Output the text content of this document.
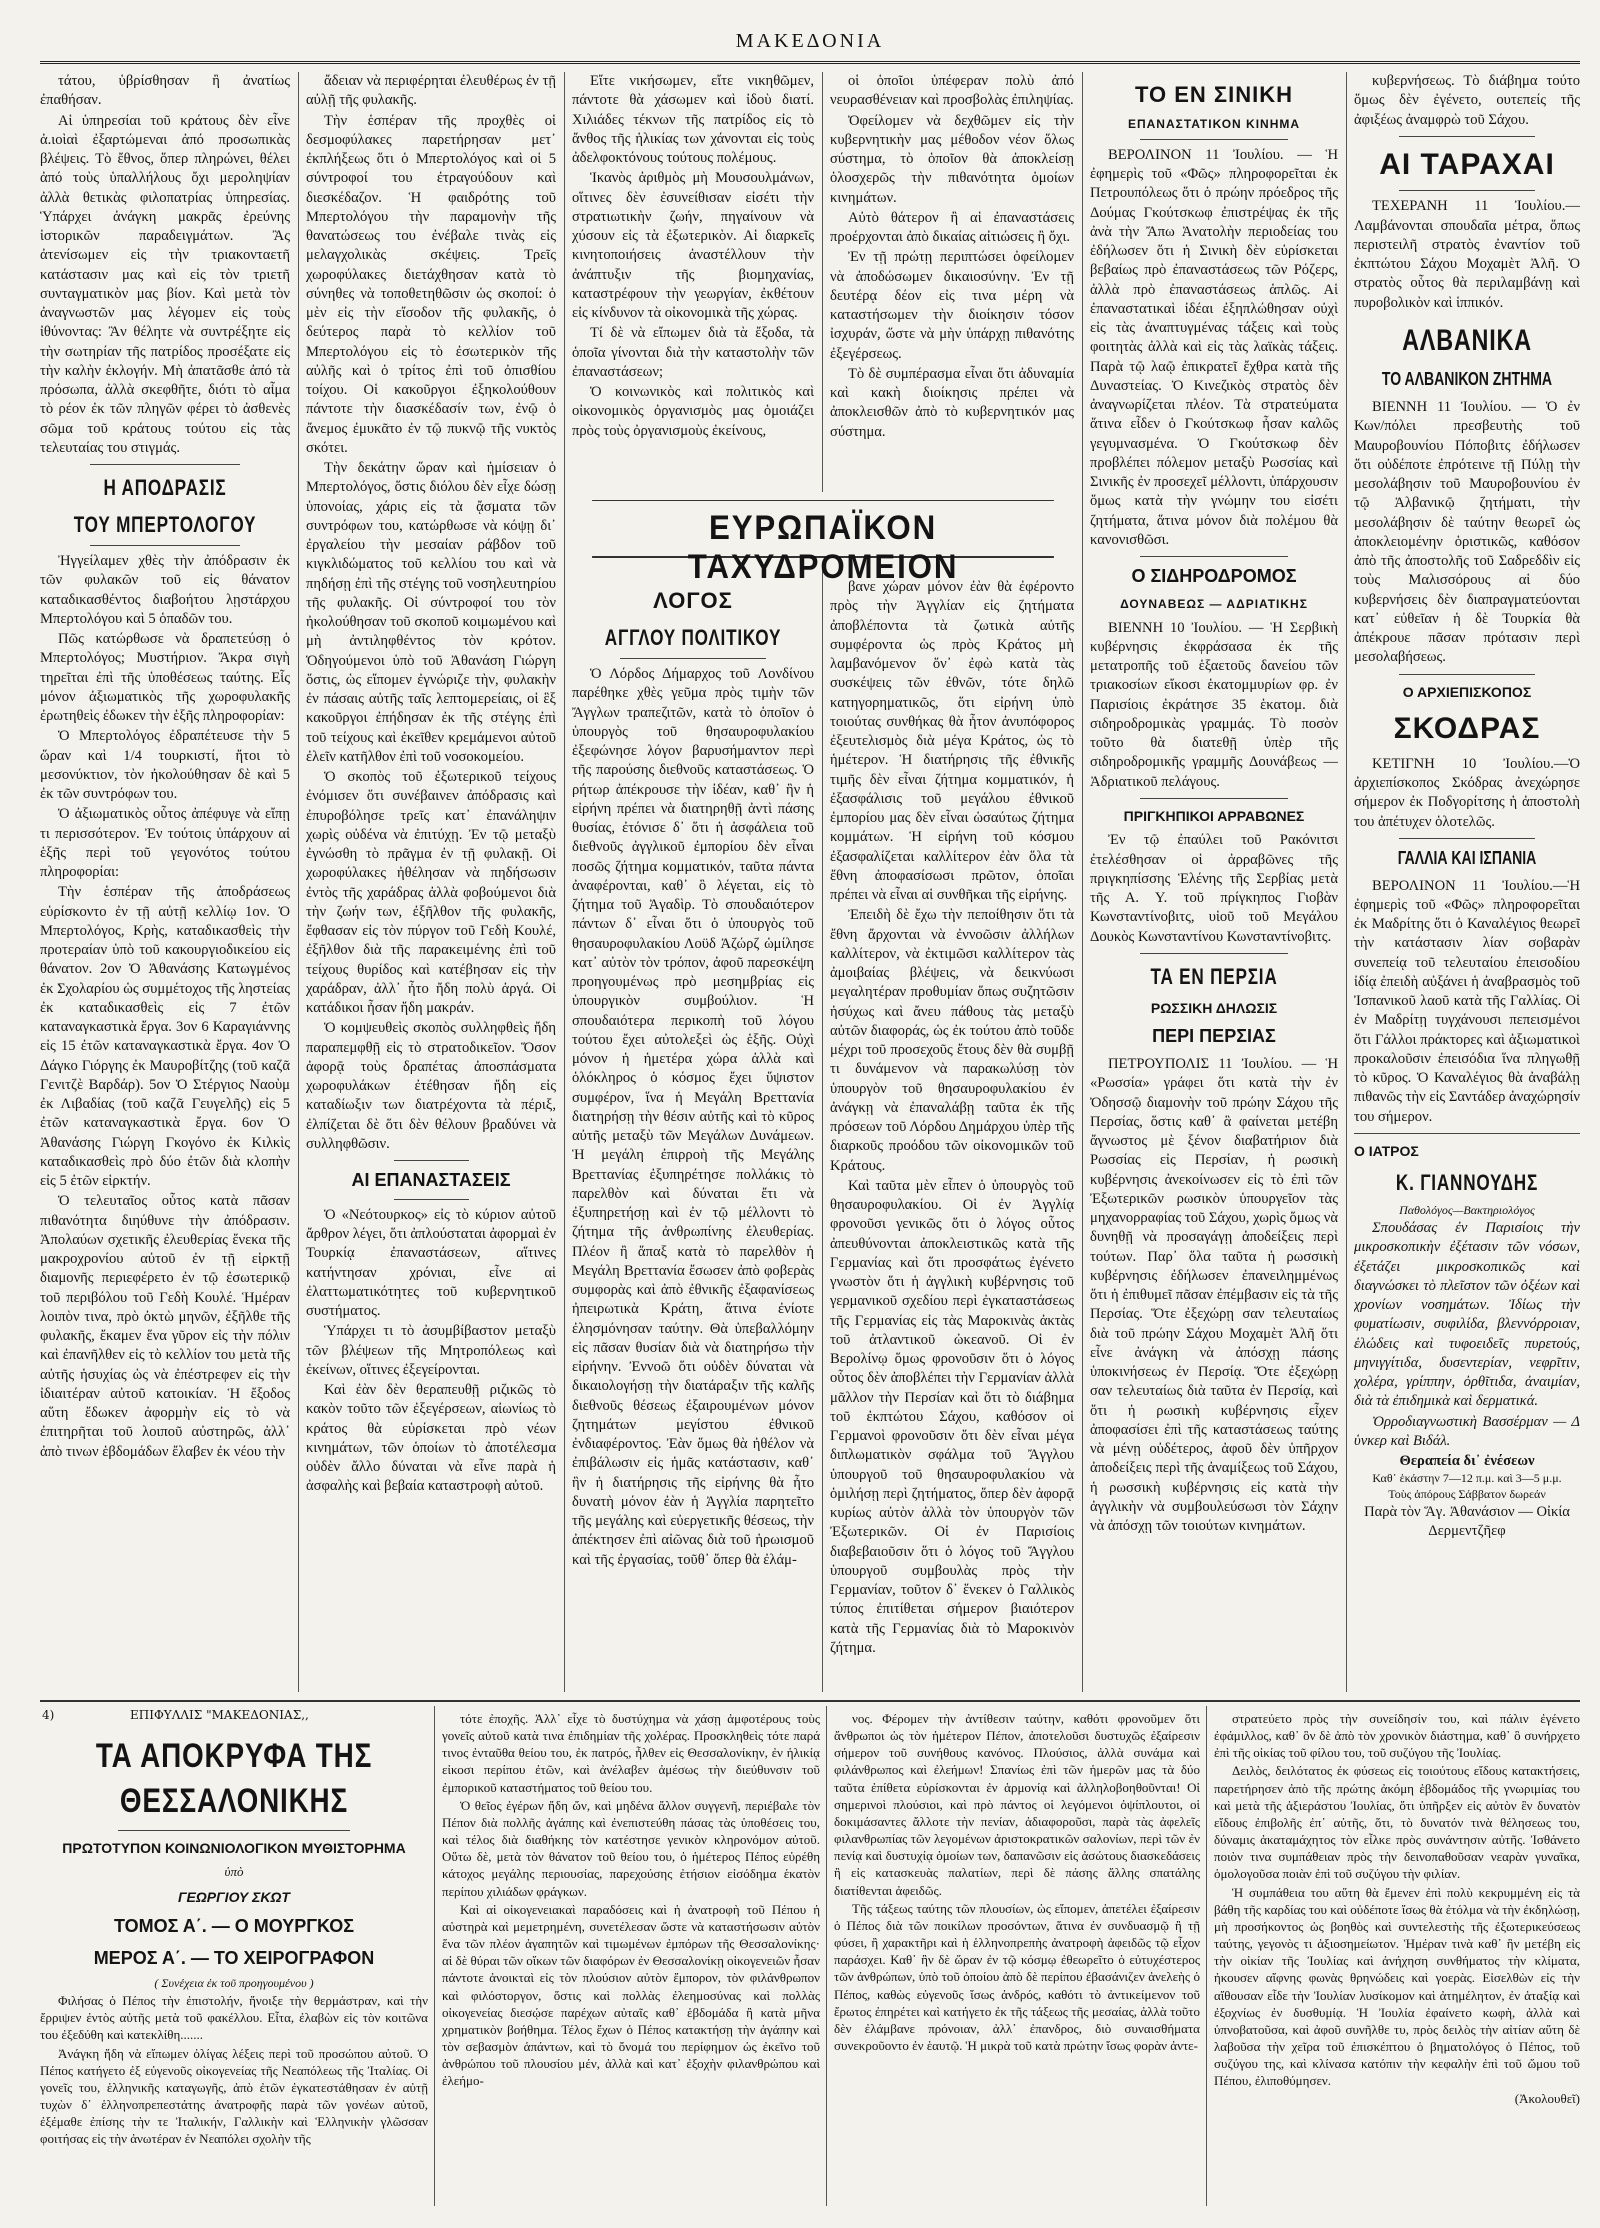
ΜΑΚΕΔΟΝΙΑ

τάτου, ὑβρίσθησαν ἢ ἀνατίως ἐπαθήσαν.

Αἱ ὑπηρεσίαι τοῦ κράτους δὲν εἶνε ἀ.ιοὶαὶ ἐξαρτώμεναι ἀπό προσωπικὰς βλέψεις. Τὸ ἔθνος, ὅπερ πληρώνει, θέλει ἀπό τοὺς ὑπαλλήλους ὄχι μεροληψίαν ἀλλὰ θετικὰς φιλοπατρίας ὑπηρεσίας. Ὑπάρχει ἀνάγκη μακρᾶς ἐρεύνης ἱστορικῶν παραδειγμάτων. Ἂς ἀτενίσωμεν εἰς τὴν τριακονταετῆ κατάστασιν μας καὶ εἰς τὸν τριετῆ συνταγματικὸν μας βίον. Καὶ μετὰ τὸν ἀναγνωστῶν μας λέγομεν εἰς τοὺς ἰθύνοντας: Ἂν θέλητε νὰ συντρέξητε εἰς τὴν σωτηρίαν τῆς πατρίδος προσέξατε εἰς τὴν καλὴν ἐκλογήν. Μὴ ἀπατᾶσθε ἀπό τὰ πρόσωπα, ἀλλὰ σκεφθῆτε, διότι τὸ αἷμα τὸ ρέον ἐκ τῶν πληγῶν φέρει τὸ ἀσθενὲς σῶμα τοῦ κράτους τούτου εἰς τὰς τελευταίας του στιγμάς.

Η ΑΠΟΔΡΑΣΙΣ
ΤΟΥ ΜΠΕΡΤΟΛΟΓΟΥ

Ἠγγείλαμεν χθὲς τὴν ἀπόδρασιν ἐκ τῶν φυλακῶν τοῦ εἰς θάνατον καταδικασθέντος διαβοήτου λῃστάρχου Μπερτολόγου καὶ 5 ὁπαδῶν του.

Πῶς κατώρθωσε νὰ δραπετεύσῃ ὁ Μπερτολόγος; Μυστήριον. Ἄκρα σιγὴ τηρεῖται ἐπὶ τῆς ὑποθέσεως ταύτης. Εἷς μόνον ἀξιωματικὸς τῆς χωροφυλακῆς ἐρωτηθεὶς ἐδωκεν τὴν ἑξῆς πληροφορίαν:

Ὁ Μπερτολόγος ἐδραπέτευσε τὴν 5 ὥραν καὶ 1/4 τουρκιστί, ἤτοι τὸ μεσονύκτιον, τὸν ἠκολούθησαν δὲ καὶ 5 ἐκ τῶν συντρόφων του.

Ὁ ἀξιωματικὸς οὗτος ἀπέφυγε νὰ εἴπῃ τι περισσότερον. Ἐν τούτοις ὑπάρχουν αἱ ἑξῆς περὶ τοῦ γεγονότος τούτου πληροφορίαι:

Τὴν ἑσπέραν τῆς ἀποδράσεως εὑρίσκοντο ἐν τῇ αὐτῇ κελλίῳ 1ον. Ὁ Μπερτολόγος, Κρὴς, καταδικασθεὶς τὴν προτεραίαν ὑπὸ τοῦ κακουργιοδικείου εἰς θάνατον. 2ον Ὁ Ἀθανάσης Κατωγμένος ἐκ Σχολαρίου ὡς συμμέτοχος τῆς ληστείας ἐκ καταδικασθεὶς εἰς 7 ἐτῶν καταναγκαστικὰ ἔργα. 3ον 6 Καραγιάννης εἰς 15 ἐτῶν καταναγκαστικὰ ἔργα. 4ον Ὁ Δάγκο Γιόργης ἐκ Μαυροβίτζης (τοῦ καζᾶ Γενιτζὲ Βαρδάρ). 5ον Ὁ Στέργιος Ναοὺμ ἐκ Λιβαδίας (τοῦ καζᾶ Γευγελῆς) εἰς 5 ἐτῶν καταναγκαστικὰ ἔργα. 6ον Ὁ Ἀθανάσης Γιώργη Γκογόνο ἐκ Κιλκὶς καταδικασθεὶς πρὸ δύο ἐτῶν διὰ κλοπὴν εἰς 5 ἐτῶν εἱρκτήν.

Ὁ τελευταῖος οὗτος κατὰ πᾶσαν πιθανότητα διηύθυνε τὴν ἀπόδρασιν. Ἀπολαύων σχετικῆς ἐλευθερίας ἕνεκα τῆς μακροχρονίου αὐτοῦ ἐν τῇ εἱρκτῇ διαμονῆς περιεφέρετο ἐν τῷ ἐσωτερικῷ τοῦ περιβόλου τοῦ Γεδὴ Κουλέ. Ἡμέραν λοιπὸν τινα, πρὸ ὀκτὼ μηνῶν, ἐξῆλθε τῆς φυλακῆς, ἔκαμεν ἕνα γῦρον εἰς τὴν πόλιν καὶ ἐπανῆλθεν εἰς τὸ κελλίον του μετὰ τῆς αὐτῆς ἡσυχίας ὡς νὰ ἐπέστρεφεν εἰς τὴν ἰδιαιτέραν αὐτοῦ κατοικίαν. Ἡ ἔξοδος αὕτη ἔδωκεν ἀφορμὴν εἰς τὸ νὰ ἐπιτηρῆται τοῦ λοιποῦ αὐστηρῶς, ἀλλ᾽ ἀπὸ τινων ἑβδομάδων ἔλαβεν ἐκ νέου τὴν

ἄδειαν νὰ περιφέρηται ἐλευθέρως ἐν τῇ αὐλῇ τῆς φυλακῆς.

Τὴν ἑσπέραν τῆς προχθὲς οἱ δεσμοφύλακες παρετήρησαν μετ᾽ ἐκπλήξεως ὅτι ὁ Μπερτολόγος καὶ οἱ 5 σύντροφοί του ἐτραγούδουν καὶ διεσκέδαζον. Ἡ φαιδρότης τοῦ Μπερτολόγου τὴν παραμονὴν τῆς θανατώσεως του ἐνέβαλε τινὰς εἰς μελαγχολικὰς σκέψεις. Τρεῖς χωροφύλακες διετάχθησαν κατὰ τὸ σύνηθες νὰ τοποθετηθῶσιν ὡς σκοποί: ὁ μὲν εἰς τὴν εἴσοδον τῆς φυλακῆς, ὁ δεύτερος παρὰ τὸ κελλίον τοῦ Μπερτολόγου εἰς τὸ ἐσωτερικὸν τῆς αὐλῆς καὶ ὁ τρίτος ἐπὶ τοῦ ὀπισθίου τοίχου. Οἱ κακοῦργοι ἐξηκολούθουν πάντοτε τὴν διασκέδασίν των, ἐνῷ ὁ ἄνεμος ἐμυκᾶτο ἐν τῷ πυκνῷ τῆς νυκτὸς σκότει.

Τὴν δεκάτην ὥραν καὶ ἡμίσειαν ὁ Μπερτολόγος, ὅστις διόλου δὲν εἶχε δώσῃ ὑπονοίας, χάρις εἰς τὰ ᾄσματα τῶν συντρόφων του, κατώρθωσε νὰ κόψῃ δι᾽ ἐργαλείου τὴν μεσαίαν ράβδον τοῦ κιγκλιδώματος τοῦ κελλίου του καὶ νὰ πηδήσῃ ἐπὶ τῆς στέγης τοῦ νοσηλευτηρίου τῆς φυλακῆς. Οἱ σύντροφοί του τὸν ἠκολούθησαν τοῦ σκοποῦ κοιμωμένου καὶ μὴ ἀντιληφθέντος τὸν κρότον. Ὁδηγούμενοι ὑπὸ τοῦ Ἀθανάση Γιώργη ὅστις, ὡς εἴπομεν ἐγνώριζε τὴν, φυλακὴν ἐν πάσαις αὐτῆς ταῖς λεπτομερείαις, οἱ ἓξ κακοῦργοι ἐπήδησαν ἐκ τῆς στέγης ἐπὶ τοῦ τείχους καὶ ἐκεῖθεν κρεμάμενοι αὐτοῦ ἐλεῖν κατῆλθον ἐπὶ τοῦ νοσοκομείου.

Ὁ σκοπὸς τοῦ ἐξωτερικοῦ τείχους ἐνόμισεν ὅτι συνέβαινεν ἀπόδρασις καὶ ἐπυροβόλησε τρεῖς κατ᾽ ἐπανάληψιν χωρὶς οὐδένα νὰ ἐπιτύχῃ. Ἐν τῷ μεταξὺ ἐγνώσθη τὸ πρᾶγμα ἐν τῇ φυλακῇ. Οἱ χωροφύλακες ἠθέλησαν νὰ πηδήσωσιν ἐντὸς τῆς χαράδρας ἀλλὰ φοβούμενοι διὰ τὴν ζωήν των, ἐξῆλθον τῆς φυλακῆς, ἔφθασαν εἰς τὸν πύργον τοῦ Γεδὴ Κουλέ, ἐξῆλθον διὰ τῆς παρακειμένης ἐπὶ τοῦ τείχους θυρίδος καὶ κατέβησαν εἰς τὴν χαράδραν, ἀλλ᾽ ἦτο ἤδη πολὺ ἀργά. Οἱ κατάδικοι ἦσαν ἤδη μακράν.

Ὁ κομψευθεὶς σκοπὸς συλληφθεὶς ἤδη παραπεμφθῇ εἰς τὸ στρατοδικεῖον. Ὅσον ἀφορᾷ τοὺς δραπέτας ἀποσπάσματα χωροφυλάκων ἐτέθησαν ἤδη εἰς καταδίωξιν των διατρέχοντα τὰ πέριξ, ἐλπίζεται δὲ ὅτι δὲν θέλουν βραδύνει νὰ συλληφθῶσιν.

ΑΙ ΕΠΑΝΑΣΤΑΣΕΙΣ

Ὁ «Νεότουρκος» εἰς τὸ κύριον αὐτοῦ ἄρθρον λέγει, ὅτι ἀπλούσταται ἀφορμαὶ ἐν Τουρκίᾳ ἐπαναστάσεων, αἵτινες κατήντησαν χρόνιαι, εἶνε αἱ ἐλαττωματικότητες τοῦ κυβερνητικοῦ συστήματος.

Ὑπάρχει τι τὸ ἀσυμβίβαστον μεταξὺ τῶν βλέψεων τῆς Μητροπόλεως καὶ ἐκείνων, οἵτινες ἐξεγείρονται.

Καὶ ἐὰν δὲν θεραπευθῇ ριζικῶς τὸ κακὸν τοῦτο τῶν ἐξεγέρσεων, αἰωνίως τὸ κράτος θὰ εὑρίσκεται πρὸ νέων κινημάτων, τῶν ὁποίων τὸ ἀποτέλεσμα οὐδὲν ἄλλο δύναται νὰ εἶνε παρὰ ἡ ἀσφαλὴς καὶ βεβαία καταστροφὴ αὐτοῦ.

Εἴτε νικήσωμεν, εἴτε νικηθῶμεν, πάντοτε θὰ χάσωμεν καὶ ἰδοὺ διατί. Χιλιάδες τέκνων τῆς πατρίδος εἰς τὸ ἄνθος τῆς ἡλικίας των χάνονται εἰς τοὺς ἀδελφοκτόνους τούτους πολέμους.

Ἱκανὸς ἀριθμὸς μὴ Μουσουλμάνων, οἵτινες δὲν ἐσυνείθισαν εἰσέτι τὴν στρατιωτικὴν ζωήν, πηγαίνουν νὰ χύσουν εἰς τὰ ἐξωτερικὸν. Αἱ διαρκεῖς κινητοποιήσεις ἀναστέλλουν τὴν ἀνάπτυξιν τῆς βιομηχανίας, καταστρέφουν τὴν γεωργίαν, ἐκθέτουν εἰς κίνδυνον τὰ οἰκονομικὰ τῆς χώρας.

Τί δὲ νὰ εἴπωμεν διὰ τὰ ἔξοδα, τὰ ὁποῖα γίνονται διὰ τὴν καταστολὴν τῶν ἐπαναστάσεων;

Ὁ κοινωνικὸς καὶ πολιτικὸς καὶ οἰκονομικὸς ὀργανισμὸς μας ὁμοιάζει πρὸς τοὺς ὀργανισμοὺς ἐκείνους,

οἱ ὁποῖοι ὑπέφεραν πολὺ ἀπό νευρασθένειαν καὶ προσβολὰς ἐπιληψίας.

Ὀφείλομεν νὰ δεχθῶμεν εἰς τὴν κυβερνητικὴν μας μέθοδον νέον ὅλως σύστημα, τὸ ὁποῖον θὰ ἀποκλείσῃ ὁλοσχερῶς τὴν πιθανότητα ὁμοίων κινημάτων.

Αὐτὸ θάτερον ἢ αἱ ἐπαναστάσεις προέρχονται ἀπὸ δικαίας αἰτιώσεις ἢ ὄχι.

Ἐν τῇ πρώτῃ περιπτώσει ὀφείλομεν νὰ ἀποδώσωμεν δικαιοσύνην. Ἐν τῇ δευτέρᾳ δέον εἰς τινα μέρη νὰ καταστήσωμεν τὴν διοίκησιν τόσον ἰσχυράν, ὥστε νὰ μὴν ὑπάρχῃ πιθανότης ἐξεγέρσεως.

Τὸ δὲ συμπέρασμα εἶναι ὅτι ἀδυναμία καὶ κακὴ διοίκησις πρέπει νὰ ἀποκλεισθῶν ἀπὸ τὸ κυβερνητικόν μας σύστημα.

ΕΥΡΩΠΑΪΚΟΝ ΤΑΧΥΔΡΟΜΕΙΟΝ
ΛΟΓΟΣ
ΑΓΓΛΟΥ ΠΟΛΙΤΙΚΟΥ

Ὁ Λόρδος Δήμαρχος τοῦ Λονδίνου παρέθηκε χθὲς γεῦμα πρὸς τιμὴν τῶν Ἄγγλων τραπεζιτῶν, κατὰ τὸ ὁποῖον ὁ ὑπουργὸς τοῦ θησαυροφυλακίου ἐξεφώνησε λόγον βαρυσήμαντον περὶ τῆς παρούσης διεθνοῦς καταστάσεως. Ὁ ρήτωρ ἀπέκρουσε τὴν ἰδέαν, καθ᾽ ἣν ἡ εἰρήνη πρέπει νὰ διατηρηθῇ ἀντὶ πάσης θυσίας, ἐτόνισε δ᾽ ὅτι ἡ ἀσφάλεια τοῦ διεθνοῦς ἀγγλικοῦ ἐμπορίου δὲν εἶναι ποσῶς ζήτημα κομματικόν, ταῦτα πάντα ἀναφέρονται, καθ᾽ ὃ λέγεται, εἰς τὸ ζήτημα τοῦ Ἀγαδὶρ. Τὸ σπουδαιότερον πάντων δ᾽ εἶναι ὅτι ὁ ὑπουργὸς τοῦ θησαυροφυλακίου Λοϋδ Ἀζώρζ ὡμίλησε κατ᾽ αὐτὸν τὸν τρόπον, ἀφοῦ παρεσκέψη προηγουμένως πρὸ μεσημβρίας εἰς ὑπουργικὸν συμβούλιον. Ἡ σπουδαιότερα περικοπὴ τοῦ λόγου τούτου ἔχει αὐτολεξεὶ ὡς ἑξῆς. Οὐχὶ μόνον ἡ ἡμετέρα χώρα ἀλλὰ καὶ ὁλόκληρος ὁ κόσμος ἔχει ὕψιστον συμφέρον, ἵνα ἡ Μεγάλη Βρεττανία διατηρήσῃ τὴν θέσιν αὐτῆς καὶ τὸ κῦρος αὐτῆς μεταξὺ τῶν Μεγάλων Δυνάμεων. Ἡ μεγάλη ἐπιρροὴ τῆς Μεγάλης Βρεττανίας ἐξυπηρέτησε πολλάκις τὸ παρελθὸν καὶ δύναται ἔτι νὰ ἐξυπηρετήσῃ καὶ ἐν τῷ μέλλοντι τὸ ζήτημα τῆς ἀνθρωπίνης ἐλευθερίας. Πλέον ἢ ἅπαξ κατὰ τὸ παρελθὸν ἡ Μεγάλη Βρεττανία ἔσωσεν ἀπὸ φοβερὰς συμφορὰς καὶ ἀπὸ ἐθνικῆς ἐξαφανίσεως ἠπειρωτικὰ Κράτη, ἅτινα ἐνίοτε ἐλησμόνησαν ταύτην. Θὰ ὑπεβαλλόμην εἰς πᾶσαν θυσίαν διὰ νὰ διατηρήσω τὴν εἰρήνην. Ἐννοῶ ὅτι οὐδὲν δύναται νὰ δικαιολογήσῃ τὴν διατάραξιν τῆς καλῆς διεθνοῦς θέσεως ἐξαιρουμένων μόνον ζητημάτων μεγίστου ἐθνικοῦ ἐνδιαφέροντος. Ἐὰν ὅμως θὰ ἠθέλον νὰ ἐπιβάλωσιν εἰς ἡμᾶς κατάστασιν, καθ᾽ ἣν ἡ διατήρησις τῆς εἰρήνης θὰ ἦτο δυνατὴ μόνον ἐὰν ἡ Ἀγγλία παρητεῖτο τῆς μεγάλης καὶ εὐεργετικῆς θέσεως, τὴν ἀπέκτησεν ἐπὶ αἰῶνας διὰ τοῦ ἡρωισμοῦ καὶ τῆς ἐργασίας, τοῦθ᾽ ὅπερ θὰ ἐλάμ-

βανε χώραν μόνον ἐὰν θὰ ἐφέροντο πρὸς τὴν Ἀγγλίαν εἰς ζητήματα ἀποβλέποντα τὰ ζωτικὰ αὐτῆς συμφέροντα ὡς πρὸς Κράτος μὴ λαμβανόμενον ὅν᾽ ἐφὼ κατὰ τὰς συσκέψεις τῶν ἐθνῶν, τότε δηλῶ κατηγορηματικῶς, ὅτι εἰρήνη ὑπὸ τοιούτας συνθήκας θὰ ἦτον ἀνυπόφορος ἐξευτελισμὸς διὰ μέγα Κράτος, ὡς τὸ ἡμέτερον. Ἡ διατήρησις τῆς ἐθνικῆς τιμῆς δὲν εἶναι ζήτημα κομματικόν, ἡ ἐξασφάλισις τοῦ μεγάλου ἐθνικοῦ ἐμπορίου μας δὲν εἶναι ὡσαύτως ζήτημα κομμάτων. Ἡ εἰρήνη τοῦ κόσμου ἐξασφαλίζεται καλλίτερον ἐὰν ὅλα τὰ ἔθνη ἀποφασίσωσι πρῶτον, ὁποῖαι πρέπει νὰ εἶναι αἱ συνθῆκαι τῆς εἰρήνης.

Ἐπειδὴ δὲ ἔχω τὴν πεποίθησιν ὅτι τὰ ἔθνη ἄρχονται νὰ ἐννοῶσιν ἀλλήλων καλλίτερον, νὰ ἐκτιμῶσι καλλίτερον τὰς ἀμοιβαίας βλέψεις, νὰ δεικνύωσι μεγαλητέραν προθυμίαν ὅπως συζητῶσιν ἡσύχως καὶ ἄνευ πάθους τὰς μεταξὺ αὐτῶν διαφοράς, ὡς ἐκ τούτου ἀπὸ τοῦδε μέχρι τοῦ προσεχοῦς ἔτους δὲν θὰ συμβῇ τι δυνάμενον νὰ παρακωλύσῃ τὸν ὑπουργὸν τοῦ θησαυροφυλακίου ἐν ἀνάγκῃ νὰ ἐπαναλάβῃ ταῦτα ἐκ τῆς πρόσεων τοῦ Λόρδου Δημάρχου ὑπὲρ τῆς διαρκοῦς προόδου τῶν οἰκονομικῶν τοῦ Κράτους.

Καὶ ταῦτα μὲν εἶπεν ὁ ὑπουργὸς τοῦ θησαυροφυλακίου. Οἱ ἐν Ἀγγλίᾳ φρονοῦσι γενικῶς ὅτι ὁ λόγος οὗτος ἀπευθύνονται ἀποκλειστικῶς κατὰ τῆς Γερμανίας καὶ ὅτι προσφάτως ἐγένετο γνωστὸν ὅτι ἡ ἀγγλικὴ κυβέρνησις τοῦ γερμανικοῦ σχεδίου περὶ ἐγκαταστάσεως τῆς Γερμανίας εἰς τὰς Μαροκινὰς ἀκτὰς τοῦ ἀτλαντικοῦ ὠκεανοῦ. Οἱ ἐν Βερολίνῳ ὅμως φρονοῦσιν ὅτι ὁ λόγος οὗτος δὲν ἀποβλέπει τὴν Γερμανίαν ἀλλὰ μᾶλλον τὴν Περσίαν καὶ ὅτι τὸ διάβημα τοῦ ἐκπτώτου Σάχου, καθόσον οἱ Γερμανοὶ φρονοῦσιν ὅτι δὲν εἶναι μέγα διπλωματικὸν σφάλμα τοῦ Ἄγγλου ὑπουργοῦ τοῦ θησαυροφυλακίου νὰ ὁμιλήσῃ περὶ ζητήματος, ὅπερ δὲν ἀφορᾷ κυρίως αὐτὸν ἀλλὰ τὸν ὑπουργὸν τῶν Ἐξωτερικῶν. Οἱ ἐν Παρισίοις διαβεβαιοῦσιν ὅτι ὁ λόγος τοῦ Ἄγγλου ὑπουργοῦ συμβουλὰς πρὸς τὴν Γερμανίαν, τοῦτον δ᾽ ἕνεκεν ὁ Γαλλικὸς τύπος ἐπιτίθεται σήμερον βιαιότερον κατὰ τῆς Γερμανίας διὰ τὸ Μαροκινὸν ζήτημα.

ΤΟ ΕΝ ΣΙΝΙΚΗ
ΕΠΑΝΑΣΤΑΤΙΚΟΝ ΚΙΝΗΜΑ

ΒΕΡΟΛΙΝΟΝ 11 Ἰουλίου. — Ἡ ἐφημερὶς τοῦ «Φῶς» πληροφορεῖται ἐκ Πετρουπόλεως ὅτι ὁ πρώην πρόεδρος τῆς Δούμας Γκούτσκωφ ἐπιστρέψας ἐκ τῆς ἀνὰ τὴν Ἄπω Ἀνατολὴν περιοδείας του ἐδήλωσεν ὅτι ἡ Σινικὴ δὲν εὑρίσκεται βεβαίως πρὸ ἐπαναστάσεως τῶν Ρόζερς, ἀλλὰ πρὸ ἐπαναστάσεως ἁπλῶς. Αἱ ἐπαναστατικαὶ ἰδέαι ἐξηπλώθησαν οὐχὶ εἰς τὰς ἀναπτυγμένας τάξεις καὶ τοὺς φοιτητὰς ἀλλὰ καὶ εἰς τὰς λαϊκὰς τάξεις. Παρὰ τῷ λαῷ ἐπικρατεῖ ἔχθρα κατὰ τῆς Δυναστείας. Ὁ Κινεζικὸς στρατὸς δὲν ἀναγνωρίζεται πλέον. Τὰ στρατεύματα ἅτινα εἶδεν ὁ Γκούτσκωφ ἦσαν καλῶς γεγυμνασμένα. Ὁ Γκούτσκωφ δὲν προβλέπει πόλεμον μεταξὺ Ρωσσίας καὶ Σινικῆς ἐν προσεχεῖ μέλλοντι, ὑπάρχουσιν ὅμως κατὰ τὴν γνώμην του εἰσέτι ζητήματα, ἅτινα μόνον διὰ πολέμου θὰ κανονισθῶσι.

Ο ΣΙΔΗΡΟΔΡΟΜΟΣ
ΔΟΥΝΑΒΕΩΣ — ΑΔΡΙΑΤΙΚΗΣ

ΒΙΕΝΝΗ 10 Ἰουλίου. — Ἡ Σερβικὴ κυβέρνησις ἐκφράσασα ἐκ τῆς μετατροπῆς τοῦ ἑξαετοῦς δανείου τῶν τριακοσίων εἴκοσι ἑκατομμυρίων φρ. ἐν Παρισίοις ἐκράτησε 35 ἑκατομ. διὰ σιδηροδρομικὰς γραμμάς. Τὸ ποσὸν τοῦτο θὰ διατεθῇ ὑπὲρ τῆς σιδηροδρομικῆς γραμμῆς Δουνάβεως — Ἀδριατικοῦ πελάγους.

ΠΡΙΓΚΗΠΙΚΟΙ ΑΡΡΑΒΩΝΕΣ

Ἐν τῷ ἐπαύλει τοῦ Ρακόνιτσι ἐτελέσθησαν οἱ ἀρραβῶνες τῆς πριγκηπίσσης Ἑλένης τῆς Σερβίας μετὰ τῆς Α. Υ. τοῦ πρίγκηπος Γιοβὰν Κωνσταντίνοβιτς, υἱοῦ τοῦ Μεγάλου Δουκὸς Κωνσταντίνου Κωνσταντίνοβιτς.

ΤΑ ΕΝ ΠΕΡΣΙΑ
ΡΩΣΣΙΚΗ ΔΗΛΩΣΙΣ
ΠΕΡΙ ΠΕΡΣΙΑΣ

ΠΕΤΡΟΥΠΟΛΙΣ 11 Ἰουλίου. — Ἡ «Ρωσσία» γράφει ὅτι κατὰ τὴν ἐν Ὀδησσῷ διαμονὴν τοῦ πρώην Σάχου τῆς Περσίας, ὅστις καθ᾽ ἃ φαίνεται μετέβη ἄγνωστος μὲ ξένον διαβατήριον διὰ Ρωσσίας εἰς Περσίαν, ἡ ρωσικὴ κυβέρνησις ἀνεκοίνωσεν εἰς τὸ ἐπὶ τῶν Ἐξωτερικῶν ρωσικὸν ὑπουργεῖον τὰς μηχανορραφίας τοῦ Σάχου, χωρὶς ὅμως νὰ δυνηθῇ νὰ προσαγάγῃ ἀποδείξεις περὶ τούτων. Παρ᾽ ὅλα ταῦτα ἡ ρωσσικὴ κυβέρνησις ἐδήλωσεν ἐπανειλημμένως ὅτι ἡ ἐπιθυμεῖ πᾶσαν ἐπέμβασιν εἰς τὰ τῆς Περσίας. Ὅτε ἐξεχώρῃ σαν τελευταίως διὰ τοῦ πρώην Σάχου Μοχαμὲτ Ἀλῆ ὅτι εἶνε ἀνάγκη νὰ ἀπόσχῃ πάσης ὑποκινήσεως ἐν Περσίᾳ. Ὅτε ἐξεχώρῃ σαν τελευταίως διὰ ταῦτα ἐν Περσίᾳ, καὶ ὅτι ἡ ρωσικὴ κυβέρνησις εἶχεν ἀποφασίσει ἐπὶ τῆς καταστάσεως ταύτης νὰ μένῃ οὐδέτερος, ἀφοῦ δὲν ὑπῆρχον ἀποδείξεις περὶ τῆς ἀναμίξεως τοῦ Σάχου, ἡ ρωσσικὴ κυβέρνησις εἰς κατὰ τὴν ἀγγλικὴν νὰ συμβουλεύσωσι τὸν Σάχην νὰ ἀπόσχῃ τῶν τοιούτων κινημάτων.

κυβερνήσεως. Τὸ διάβημα τούτο ὅμως δὲν ἐγένετο, ουτεπείς τῆς ἀφιξέως ἀναμφρὼ τοῦ Σάχου.

ΑΙ ΤΑΡΑΧΑΙ

ΤΕΧΕΡΑΝΗ 11 Ἰουλίου.—Λαμβάνονται σπουδαῖα μέτρα, ὅπως περιστειλῆ στρατὸς ἐναντίον τοῦ ἐκπτώτου Σάχου Μοχαμὲτ Ἀλῆ. Ὁ στρατὸς οὗτος θὰ περιλαμβάνῃ καὶ πυροβολικὸν καὶ ἱππικόν.

ΑΛΒΑΝΙΚΑ
ΤΟ ΑΛΒΑΝΙΚΟΝ ΖΗΤΗΜΑ

ΒΙΕΝΝΗ 11 Ἰουλίου. — Ὁ ἐν Κων/πόλει πρεσβευτὴς τοῦ Μαυροβουνίου Πόποβιτς ἐδήλωσεν ὅτι οὐδέποτε ἐπρότεινε τῇ Πύλῃ τὴν μεσολάβησιν τοῦ Μαυροβουνίου ἐν τῷ Ἀλβανικῷ ζητήματι, τὴν μεσολάβησιν δὲ ταύτην θεωρεῖ ὡς ἀποκλειομένην ὁριστικῶς, καθόσον ἀπὸ τῆς ἀποστολῆς τοῦ Σαδρεδδὶν εἰς τοὺς Μαλισσόρους αἱ δύο κυβερνήσεις δὲν διαπραγματεύονται κατ᾽ εὐθεῖαν ἡ δὲ Τουρκία θὰ ἀπέκρουε πᾶσαν πρότασιν περὶ μεσολαβήσεως.

Ο ΑΡΧΙΕΠΙΣΚΟΠΟΣ
ΣΚΟΔΡΑΣ

ΚΕΤΙΓΝΗ 10 Ἰουλίου.—Ὁ ἀρχιεπίσκοπος Σκόδρας ἀνεχώρησε σήμερον ἐκ Ποδγορίτσης ἡ ἀποστολὴ του ἀπέτυχεν ὁλοτελῶς.

ΓΑΛΛΙΑ ΚΑΙ ΙΣΠΑΝΙΑ

ΒΕΡΟΛΙΝΟΝ 11 Ἰουλίου.—Ἡ ἐφημερὶς τοῦ «Φῶς» πληροφορεῖται ἐκ Μαδρίτης ὅτι ὁ Καναλέγιος θεωρεῖ τὴν κατάστασιν λίαν σοβαρὰν συνεπείᾳ τοῦ τελευταίου ἐπεισοδίου ἰδίᾳ ἐπειδὴ αὐξάνει ἡ ἀναβρασμὸς τοῦ Ἰσπανικοῦ λαοῦ κατὰ τῆς Γαλλίας. Οἱ ἐν Μαδρίτῃ τυγχάνουσι πεπεισμένοι ὅτι Γάλλοι πράκτορες καὶ ἀξιωματικοὶ προκαλοῦσιν ἐπεισόδια ἵνα πληγωθῇ τὸ κῦρος. Ὁ Καναλέγιος θὰ ἀναβάλῃ πιθανῶς τὴν εἰς Σαντάδερ ἀναχώρησίν του σήμερον.

Ο ΙΑΤΡΟΣ
Κ. ΓΙΑΝΝΟΥΔΗΣ
Παθολόγος—Βακτηριολόγος

Σπουδάσας ἐν Παρισίοις τὴν μικροσκοπικὴν ἐξέτασιν τῶν νόσων, ἐξετάζει μικροσκοπικῶς καὶ διαγνώσκει τὸ πλεῖστον τῶν ὀξέων καὶ χρονίων νοσημάτων. Ἰδίως τὴν φυματίωσιν, συφιλίδα, βλεννόρροιαν, ἑλώδεις καὶ τυφοειδεῖς πυρετούς, μηνιγγίτιδα, δυσεντερίαν, νεφρῖτιν, χολέρα, γρίππην, ὀρθῖτιδα, ἀναιμίαν, διὰ τὰ ἐπιδημικὰ καὶ δερματικά.

Ὀρροδιαγνωστικὴ Βασσέρμαν — Δ ὑνκερ καὶ Βιδάλ.

Θεραπεία δι᾽ ἐνέσεων
Καθ᾽ ἑκάστην 7—12 π.μ. καὶ 3—5 μ.μ.
Τοὺς ἀπόρους Σάββατον δωρεάν
Παρὰ τὸν Ἅγ. Ἀθανάσιον — Οἰκία Δερμεντζῆεφ
4)	ΕΠΙΦΥΛΛΙΣ "ΜΑΚΕΔΟΝΙΑΣ,,
ΤΑ ΑΠΟΚΡΥΦΑ ΤΗΣ ΘΕΣΣΑΛΟΝΙΚΗΣ
ΠΡΩΤΟΤΥΠΟΝ ΚΟΙΝΩΝΙΟΛΟΓΙΚΟΝ ΜΥΘΙΣΤΟΡΗΜΑ
ὑπὸ
ΓΕΩΡΓΙΟΥ ΣΚΩΤ
ΤΟΜΟΣ Α΄. — Ο ΜΟΥΡΓΚΟΣ
ΜΕΡΟΣ Α΄. — ΤΟ ΧΕΙΡΟΓΡΑΦΟΝ
( Συνέχεια ἐκ τοῦ προηγουμένου )

Φιλήσας ὁ Πέπος τὴν ἐπιστολήν, ἤνοιξε τὴν θερμάστραν, καὶ τὴν ἔρριψεν ἐντὸς αὐτῆς μετὰ τοῦ φακέλλου. Εἶτα, ἐλαβὼν εἰς τὸν κοιτῶνα του ἐξεδύθη καὶ κατεκλίθη.......

Ἀνάγκη ἤδη νὰ εἴπωμεν ὀλίγας λέξεις περὶ τοῦ προσώπου αὐτοῦ. Ὁ Πέπος κατήγετο ἐξ εὐγενοῦς οἰκογενείας τῆς Νεαπόλεως τῆς Ἰταλίας. Οἱ γονεῖς του, ἑλληνικῆς καταγωγῆς, ἀπὸ ἐτῶν ἐγκατεστάθησαν ἐν αὐτῇ τυχὼν δ᾽ ἑλληνοπρεπεστάτης ἀνατροφῆς παρὰ τῶν γονέων αὐτοῦ, ἐξέμαθε ἐπίσης τὴν τε Ἰταλικήν, Γαλλικὴν καὶ Ἑλληνικὴν γλῶσσαν φοιτήσας εἰς τὴν ἀνωτέραν ἐν Νεαπόλει σχολὴν τῆς

τότε ἐποχῆς. Ἀλλ᾽ εἶχε τὸ δυστύχημα νὰ χάσῃ ἀμφοτέρους τοὺς γονεῖς αὐτοῦ κατὰ τινα ἐπιδημίαν τῆς χολέρας. Προσκληθεὶς τότε παρά τινος ἐνταῦθα θείου του, ἐκ πατρός, ἦλθεν εἰς Θεσσαλονίκην, ἐν ἡλικίᾳ εἰκοσι περίπου ἐτῶν, καὶ ἀνέλαβεν ἀμέσως τὴν διεύθυνσιν τοῦ ἐμπορικοῦ καταστήματος τοῦ θείου του.

Ὁ θεῖος ἐγέρων ἤδη ὤν, καὶ μηδένα ἄλλον συγγενῆ, περιέβαλε τὸν Πέπον διὰ πολλῆς ἀγάπης καὶ ἐνεπιστεύθη πάσας τὰς ὑποθέσεις του, καὶ τέλος διὰ διαθήκης τὸν κατέστησε γενικὸν κληρονόμον αὐτοῦ. Οὕτω δὲ, μετὰ τὸν θάνατον τοῦ θείου του, ὁ ἡμέτερος Πέπος εὑρέθη κάτοχος μεγάλης περιουσίας, παρεχούσης ἐτήσιον εἰσόδημα ἑκατὸν περίπου χιλιάδων φράγκων.

Καὶ αἱ οἰκογενειακαὶ παραδόσεις καὶ ἡ ἀνατροφὴ τοῦ Πέπου ἡ αὐστηρὰ καὶ μεμετρημένη, συνετέλεσαν ὥστε νὰ καταστήσωσιν αὐτὸν ἕνα τῶν πλέον ἀγαπητῶν καὶ τιμωμένων ἐμπόρων τῆς Θεσσαλονίκης· αἱ δὲ θύραι τῶν οἴκων τῶν διαφόρων ἐν Θεσσαλονίκῃ οἰκογενειῶν ἦσαν πάντοτε ἀνοικταὶ εἰς τὸν πλούσιον αὐτὸν ἔμπορον, τὸν φιλάνθρωπον καὶ φιλόστοργον, ὅστις καὶ πολλὰς ἐλεημοσύνας καὶ πολλὰς οἰκογενείας διεσῴσε παρέχων αὐταῖς καθ᾽ ἑβδομάδα ἢ κατὰ μῆνα χρηματικὸν βοήθημα. Τέλος ἔχων ὁ Πέπος κατακτήσῃ τὴν ἀγάπην καὶ τὸν σεβασμὸν ἁπάντων, καὶ τὸ ὄνομά του περίφημον ὡς ἐκεῖνο τοῦ ἀνθρώπου τοῦ πλουσίου μέν, ἀλλὰ καὶ κατ᾽ ἐξοχὴν φιλανθρώπου καὶ ἐλεήμο-

νος. Φέρομεν τὴν ἀντίθεσιν ταύτην, καθότι φρονοῦμεν ὅτι ἄνθρωποι ὡς τὸν ἡμέτερον Πέπον, ἀποτελοῦσι δυστυχῶς ἐξαίρεσιν σήμερον τοῦ συνήθους κανόνος. Πλούσιος, ἀλλὰ συνάμα καὶ φιλάνθρωπος καὶ ἐλεήμων! Σπανίως ἐπὶ τῶν ἡμερῶν μας τὰ δύο ταῦτα ἐπίθετα εὑρίσκονται ἐν ἁρμονίᾳ καὶ ἀλληλοβοηθοῦνται! Οἱ σημερινοὶ πλούσιοι, καὶ πρὸ πάντος οἱ λεγόμενοι ὀψίπλουτοι, οἱ δοκιμάσαντες ἄλλοτε τὴν πενίαν, ἀδιαφοροῦσι, παρὰ τὰς ἀφελεῖς φιλανθρωπίας τῶν λεγομένων ἀριστοκρατικῶν σαλονίων, περὶ τῶν ἐν πενίᾳ καὶ δυστυχίᾳ ὁμοίων των, δαπανῶσιν εἰς ἀσώτους διασκεδάσεις ἢ εἰς κατασκευὰς παλατίων, περὶ δὲ πάσης ἄλλης σπατάλης διατίθενται ἀφειδῶς.

Τῆς τάξεως ταύτης τῶν πλουσίων, ὡς εἴπομεν, ἀπετέλει ἐξαίρεσιν ὁ Πέπος διὰ τῶν ποικίλων προσόντων, ἅτινα ἐν συνδυασμῷ ἢ τῇ φύσει, ἢ χαρακτῆρι καὶ ἡ ἑλληνοπρεπὴς ἀνατροφὴ ἀφειδῶς τῷ εἶχον παράσχει. Καθ᾽ ἣν δὲ ὥραν ἐν τῷ κόσμῳ ἐθεωρεῖτο ὁ εὐτυχέστερος τῶν ἀνθρώπων, ὑπὸ τοῦ ὁποίου ἀπὸ δὲ περίπου ἐβασάνιζεν ἀνελεὴς ὁ Πέπος, καθὼς εὐγενοῦς ἴσως ἀνδρός, καθότι τὸ ἀντικείμενον τοῦ ἔρωτος ἐπηρέτει καὶ κατήγετο ἐκ τῆς τάξεως τῆς μεσαίας, ἀλλὰ τοῦτο δὲν ἐλάμβανε πρόνοιαν, ἀλλ᾽ ἐπανδρος, διὸ συναισθήματα συνεκροῦοντο ἐν ἑαυτῷ. Ἡ μικρὰ τοῦ κατὰ πρώτην ἴσως φορὰν ἀντε-

στρατεύετο πρὸς τὴν συνείδησίν του, καὶ πάλιν ἐγένετο ἐφάμιλλος, καθ᾽ ὃν δὲ ἀπὸ τὸν χρονικὸν διάστημα, καθ᾽ ὃ συνήρχετο ἐπὶ τῆς οἰκίας τοῦ φίλου του, τοῦ συζύγου τῆς Ἰουλίας.

Δειλὸς, δειλότατος ἐκ φύσεως εἰς τοιούτους εἴδους κατακτήσεις, παρετήρησεν ἀπὸ τῆς πρώτης ἀκόμη ἑβδομάδος τῆς γνωριμίας του καὶ μετὰ τῆς ἀξιεράστου Ἰουλίας, ὅτι ὑπῆρξεν εἰς αὐτὸν ἓν δυνατὸν εἴδους ἐπιβολῆς ἐπ᾽ αὐτῆς, ὅτι, τὸ δυνατόν τινὰ θέλησεως του, δύναμις ἀκαταμάχητος τὸν εἶλκε πρὸς συνάντησιν αὐτῆς. Ἰσθάνετο ποιὸν τινα συμπάθειαν πρὸς τὴν δεινοπαθοῦσαν νεαρὰν γυναῖκα, ὁμολογοῦσα ποιὰν ἐπὶ τοῦ συζύγου τὴν φιλίαν.

Ἡ συμπάθεια του αὕτη θὰ ἔμενεν ἐπὶ πολὺ κεκρυμμένη εἰς τὰ βάθη τῆς καρδίας του καὶ οὐδέποτε ἴσως θὰ ἐτόλμα νὰ τὴν ἐκδηλώσῃ, μὴ προσήκοντος ὡς βοηθὸς καὶ συντελεστὴς τῆς ἐξωτερικεύσεως ταύτης, γεγονὸς τι ἀξιοσημείωτον. Ἡμέραν τινὰ καθ᾽ ἣν μετέβη εἰς τὴν οἰκίαν τῆς Ἰουλίας καὶ ἀνήχηση συνθήματος τὴν κλίματα, ἠκουσεν αἴφνης φωνὰς θρηνώδεις καὶ γοερὰς. Εἰσελθὼν εἰς τὴν αἴθουσαν εἶδε τὴν Ἰουλίαν λυσίκομον καὶ ἀτημέλητον, ἐν ἀταξίᾳ καὶ ἐξοχνίως ἐν δυσθυμίᾳ. Ἡ Ἰουλία ἐφαίνετο κωφὴ, ἀλλὰ καὶ ὑπνοβατοῦσα, καὶ ἀφοῦ συνῆλθε τυ, πρὸς δειλὸς τὴν αἰτίαν αὕτη δὲ λαβοῦσα τὴν χεῖρα τοῦ ἐπισκέπτου ὁ βηματολόγος ὁ Πέπος, τοῦ συζύγου της, καὶ κλίνασα κατόπιν τὴν κεφαλὴν ἐπὶ τοῦ ὤμου τοῦ Πέπου, ἐλιποθύμησεν.

(Ἀκολουθεῖ)
